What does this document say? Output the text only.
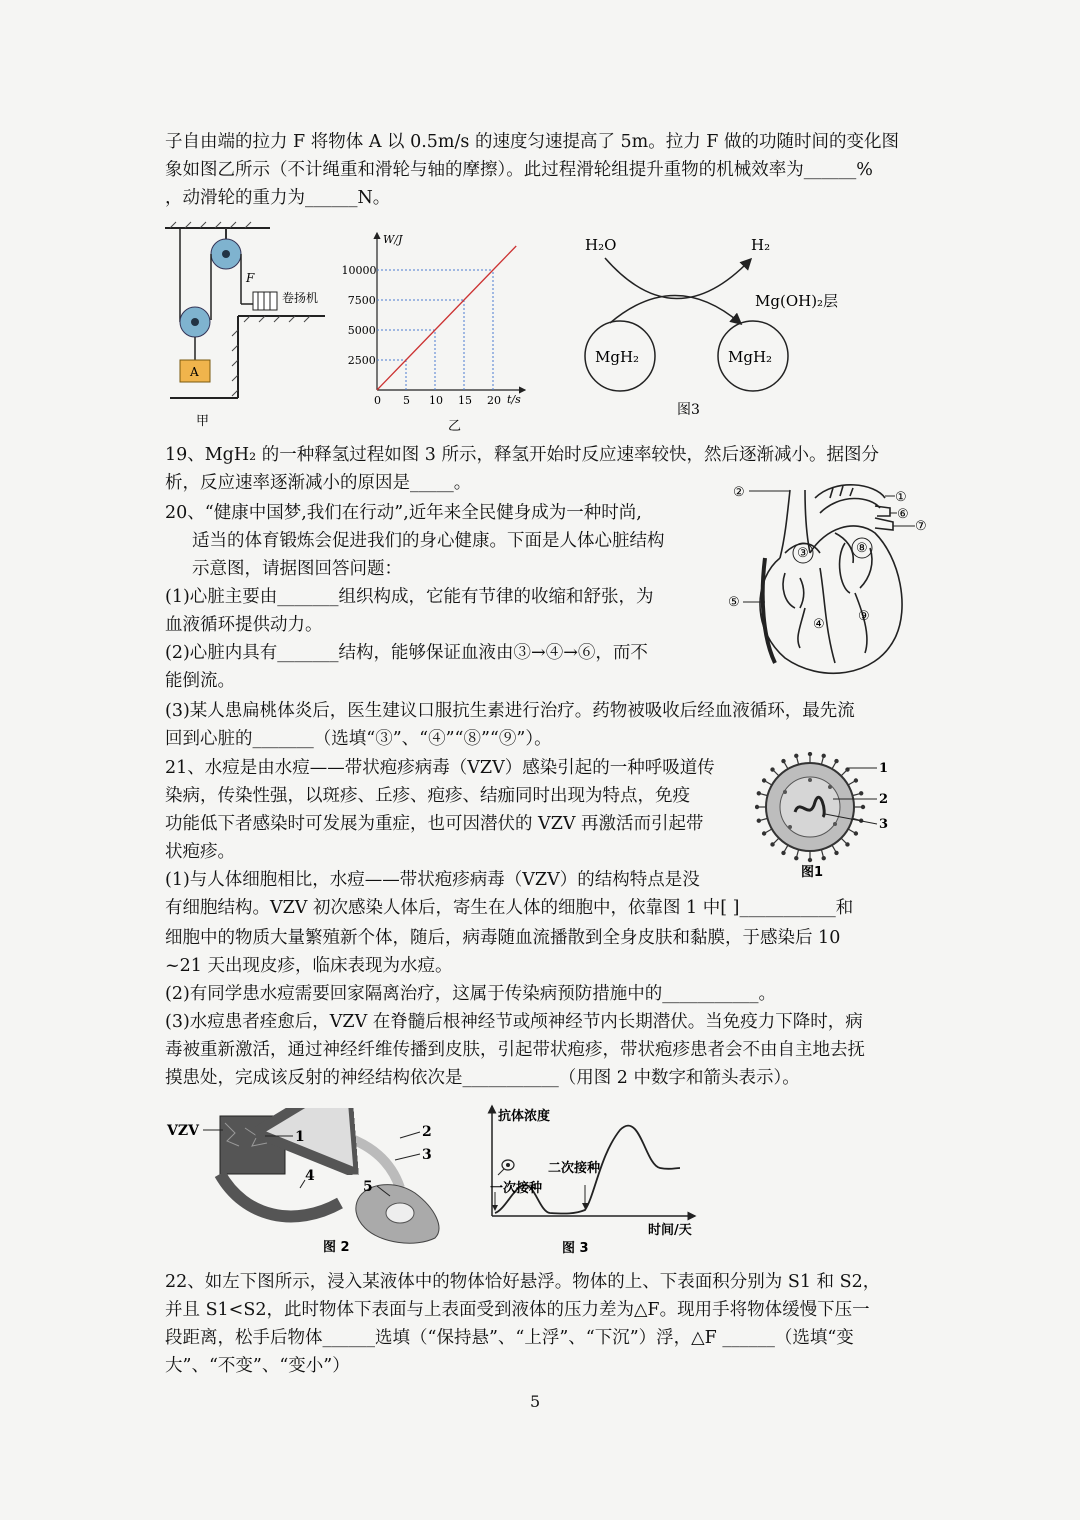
子自由端的拉力 F 将物体 A 以 0.5m/s 的速度匀速提高了 5m。拉力 F 做的功随时间的变化图
象如图乙所示（不计绳重和滑轮与轴的摩擦）。此过程滑轮组提升重物的机械效率为______%
，动滑轮的重力为______N。
A
F
卷扬机
甲
W/J
t/s
0 5 10 15 20
2500
5000
7500
10000
乙
H₂O	H₂
MgH₂	MgH₂
Mg(OH)₂层
图3
19、MgH₂ 的一种释氢过程如图 3 所示，释氢开始时反应速率较快，然后逐渐减小。据图分
析，反应速率逐渐减小的原因是_____。
20、“健康中国梦,我们在行动”,近年来全民健身成为一种时尚,
适当的体育锻炼会促进我们的身心健康。下面是人体心脏结构
示意图，请据图回答问题：
(1)心脏主要由_______组织构成，它能有节律的收缩和舒张，为
血液循环提供动力。
(2)心脏内具有_______结构，能够保证血液由③→④→⑥，而不
能倒流。
(3)某人患扁桃体炎后，医生建议口服抗生素进行治疗。药物被吸收后经血液循环，最先流
回到心脏的_______（选填“③”、“④”“⑧”“⑨”）。
①
②
③
④
⑤
⑥
⑦
⑧
⑨
21、水痘是由水痘——带状疱疹病毒（VZV）感染引起的一种呼吸道传
染病，传染性强，以斑疹、丘疹、疱疹、结痂同时出现为特点，免疫
功能低下者感染时可发展为重症，也可因潜伏的 VZV 再激活而引起带
状疱疹。
(1)与人体细胞相比，水痘——带状疱疹病毒（VZV）的结构特点是没
有细胞结构。VZV 初次感染人体后，寄生在人体的细胞中，依靠图 1 中[ ]___________和
细胞中的物质大量繁殖新个体，随后，病毒随血流播散到全身皮肤和黏膜，于感染后 10
~21 天出现皮疹，临床表现为水痘。
(2)有同学患水痘需要回家隔离治疗，这属于传染病预防措施中的___________。
(3)水痘患者痊愈后，VZV 在脊髓后根神经节或颅神经节内长期潜伏。当免疫力下降时，病
毒被重新激活，通过神经纤维传播到皮肤，引起带状疱疹，带状疱疹患者会不由自主地去抚
摸患处，完成该反射的神经结构依次是___________（用图 2 中数字和箭头表示）。
1
2
3
图1
VZV	1	2
3
4
5
图 2
抗体浓度
时间/天
一次接种
二次接种
图 3
22、如左下图所示，浸入某液体中的物体恰好悬浮。物体的上、下表面积分别为 S1 和 S2，
并且 S1<S2，此时物体下表面与上表面受到液体的压力差为△F。现用手将物体缓慢下压一
段距离，松手后物体______选填（“保持悬”、“上浮”、“下沉”）浮，△F ______（选填“变
大”、“不变”、“变小”）
5
